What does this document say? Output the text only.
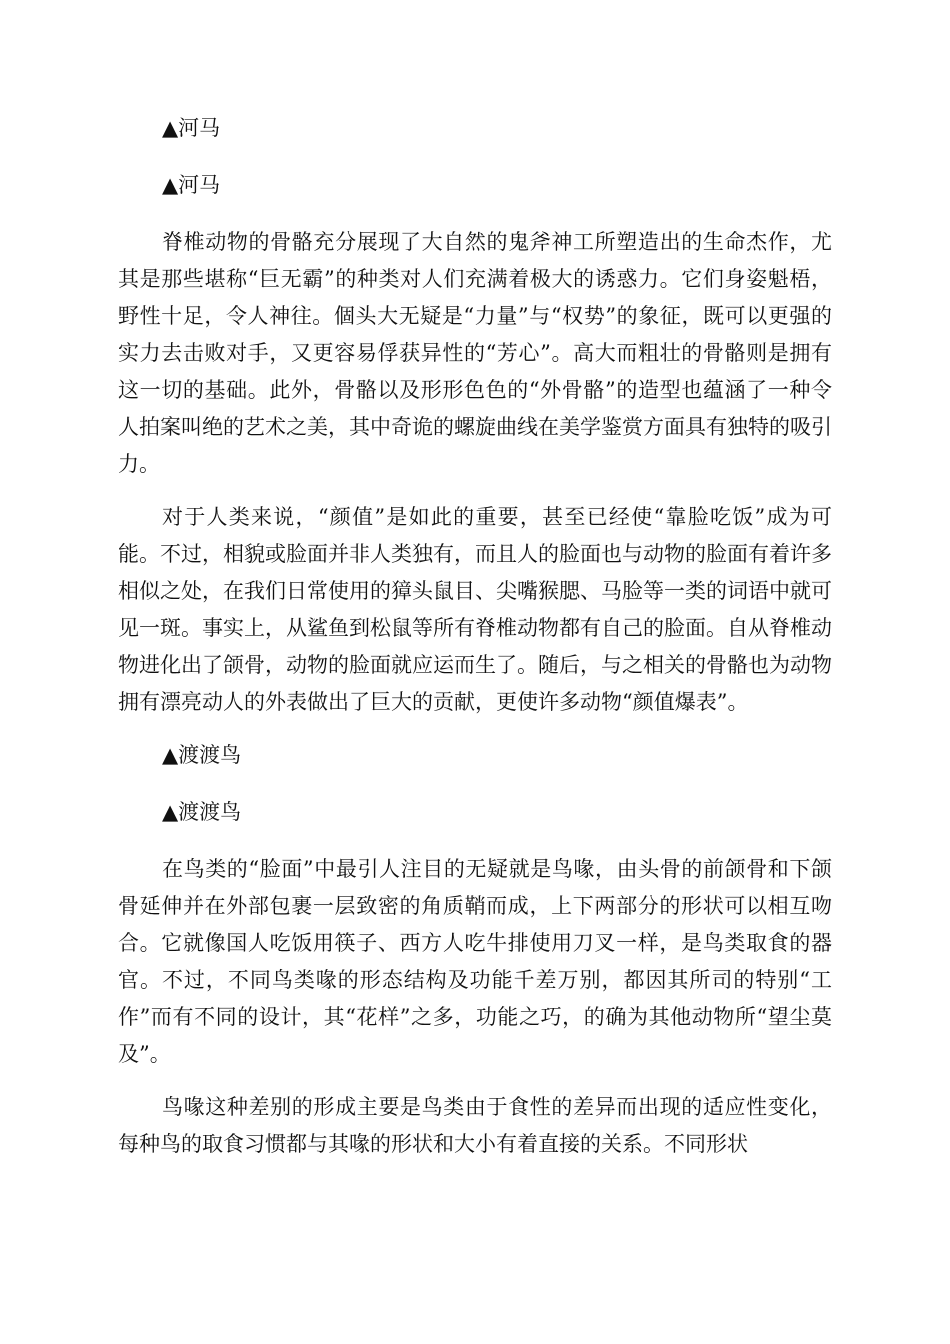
▲河马
▲河马

脊椎动物的骨骼充分展现了大自然的鬼斧神工所塑造出的生命杰作，尤其是那些堪称“巨无霸”的种类对人们充满着极大的诱惑力。它们身姿魁梧，野性十足，令人神往。個头大无疑是“力量”与“权势”的象征，既可以更强的实力去击败对手，又更容易俘获异性的“芳心”。高大而粗壮的骨骼则是拥有这一切的基础。此外，骨骼以及形形色色的“外骨骼”的造型也蕴涵了一种令人拍案叫绝的艺术之美，其中奇诡的螺旋曲线在美学鉴赏方面具有独特的吸引力。

对于人类来说，“颜值”是如此的重要，甚至已经使“靠脸吃饭”成为可能。不过，相貌或脸面并非人类独有，而且人的脸面也与动物的脸面有着许多相似之处，在我们日常使用的獐头鼠目、尖嘴猴腮、马脸等一类的词语中就可见一斑。事实上，从鲨鱼到松鼠等所有脊椎动物都有自己的脸面。自从脊椎动物进化出了颌骨，动物的脸面就应运而生了。随后，与之相关的骨骼也为动物拥有漂亮动人的外表做出了巨大的贡献，更使许多动物“颜值爆表”。

▲渡渡鸟
▲渡渡鸟

在鸟类的“脸面”中最引人注目的无疑就是鸟喙，由头骨的前颌骨和下颌骨延伸并在外部包裹一层致密的角质鞘而成，上下两部分的形状可以相互吻合。它就像国人吃饭用筷子、西方人吃牛排使用刀叉一样，是鸟类取食的器官。不过，不同鸟类喙的形态结构及功能千差万别，都因其所司的特别“工作”而有不同的设计，其“花样”之多，功能之巧，的确为其他动物所“望尘莫及”。

鸟喙这种差别的形成主要是鸟类由于食性的差异而出现的适应性变化，每种鸟的取食习惯都与其喙的形状和大小有着直接的关系。不同形状
